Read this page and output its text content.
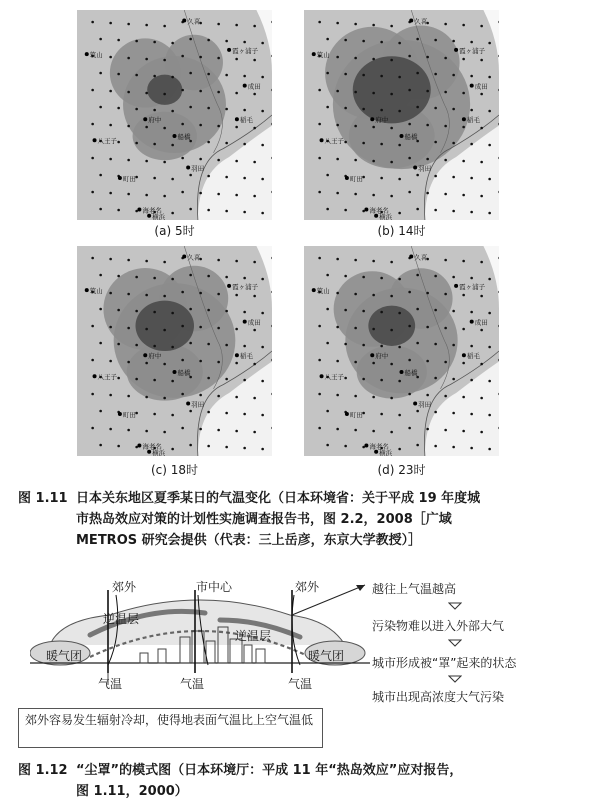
久喜
筑山
成田
霞ヶ浦子
八王子
羽田
横浜
海老名
稲毛
府中
船橋
町田
久喜
筑山
成田
霞ヶ浦子
八王子
羽田
横浜
海老名
稲毛
府中
船橋
町田
久喜
筑山
成田
霞ヶ浦子
八王子
羽田
横浜
海老名
稲毛
府中
船橋
町田
久喜
筑山
成田
霞ヶ浦子
八王子
羽田
横浜
海老名
稲毛
府中
船橋
町田
(a) 5时	(b) 14时
(c) 18时	(d) 23时
图 1.11 日本关东地区夏季某日的气温变化（日本环境省：关于平成 19 年度城
市热岛效应对策的计划性实施调查报告书，图 2.2，2008［广域
METROS 研究会提供（代表：三上岳彦，东京大学教授）］
郊外	市中心	郊外
逆温层
逆温层
暖气团	暖气团
气温	气温	气温
郊外容易发生辐射冷却，使得地表面气温比上空气温低
越往上气温越高
污染物难以进入外部大气
城市形成被“罩”起来的状态
城市出现高浓度大气污染
图 1.12 “尘罩”的模式图（日本环境厅：平成 11 年“热岛效应”应对报告，
图 1.11，2000）
